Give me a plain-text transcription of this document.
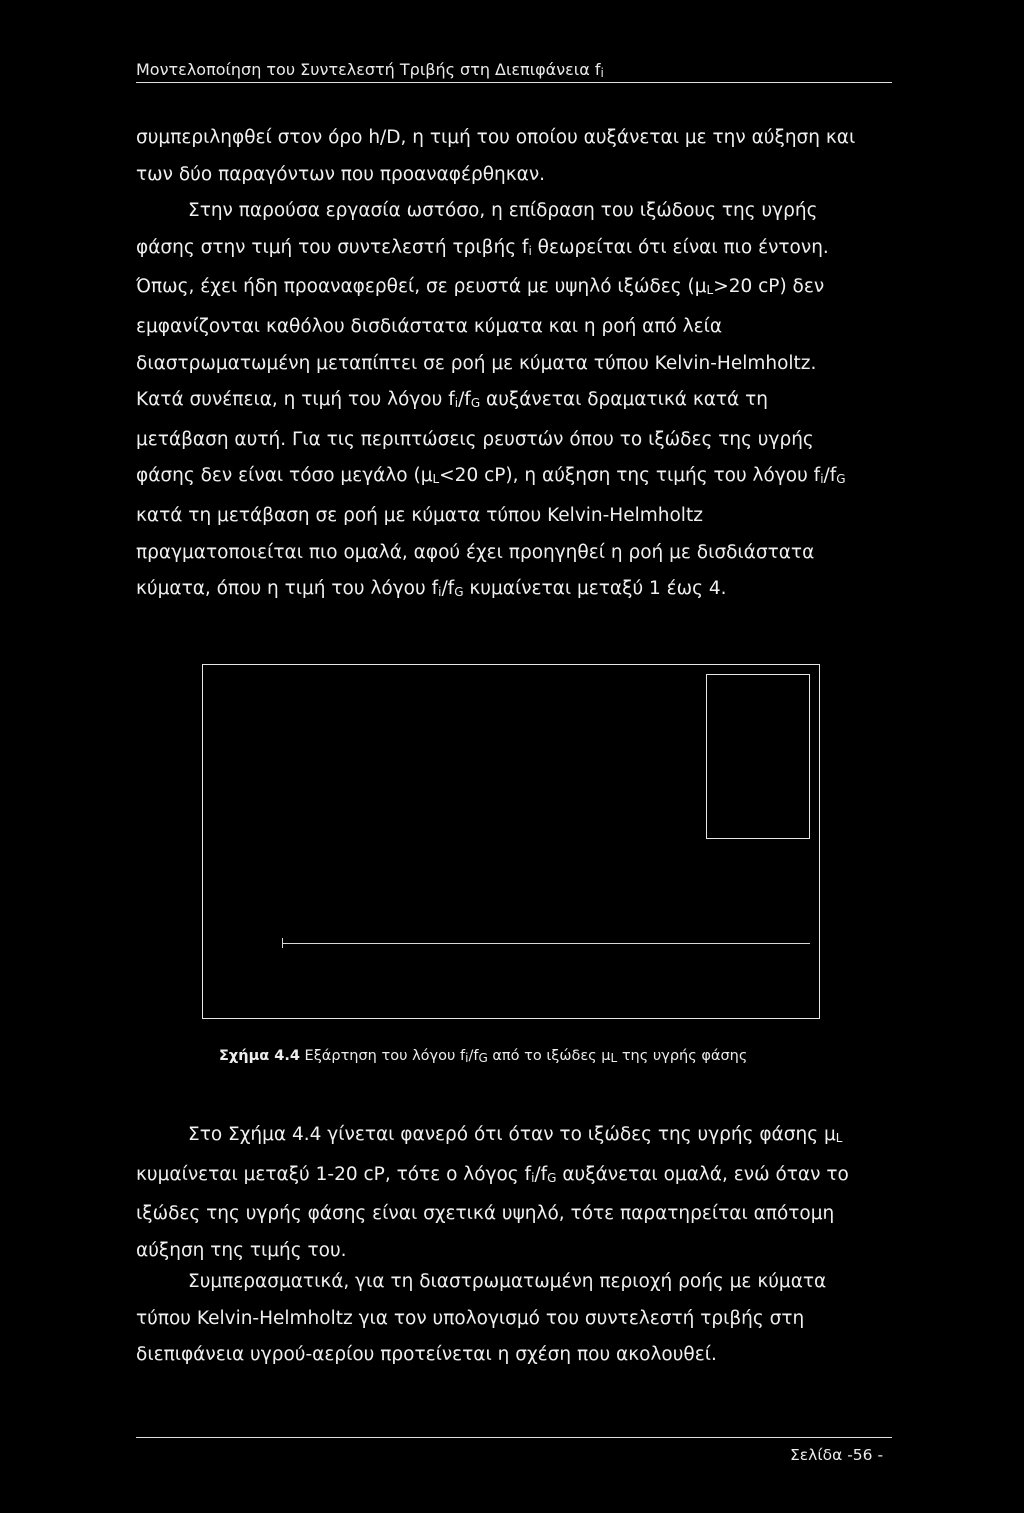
Μοντελοποίηση του Συντελεστή Τριβής στη Διεπιφάνεια fi
συμπεριληφθεί στον όρο h/D, η τιμή του οποίου αυξάνεται με την αύξηση και
των δύο παραγόντων που προαναφέρθηκαν.
Στην παρούσα εργασία ωστόσο, η επίδραση του ιξώδους της υγρής
φάσης στην τιμή του συντελεστή τριβής fi θεωρείται ότι είναι πιο έντονη.
Όπως, έχει ήδη προαναφερθεί, σε ρευστά με υψηλό ιξώδες (μL>20 cP) δεν
εμφανίζονται καθόλου δισδιάστατα κύματα και η ροή από λεία
διαστρωματωμένη μεταπίπτει σε ροή με κύματα τύπου Kelvin-Helmholtz.
Κατά συνέπεια, η τιμή του λόγου fi/fG αυξάνεται δραματικά κατά τη
μετάβαση αυτή. Για τις περιπτώσεις ρευστών όπου το ιξώδες της υγρής
φάσης δεν είναι τόσο μεγάλο (μL<20 cP), η αύξηση της τιμής του λόγου fi/fG
κατά τη μετάβαση σε ροή με κύματα τύπου Kelvin-Helmholtz
πραγματοποιείται πιο ομαλά, αφού έχει προηγηθεί η ροή με δισδιάστατα
κύματα, όπου η τιμή του λόγου fi/fG κυμαίνεται μεταξύ 1 έως 4.
Σχήμα 4.4 Εξάρτηση του λόγου fi/fG από το ιξώδες μL της υγρής φάσης
Στο Σχήμα 4.4 γίνεται φανερό ότι όταν το ιξώδες της υγρής φάσης μL
κυμαίνεται μεταξύ 1-20 cP, τότε ο λόγος fi/fG αυξάνεται ομαλά, ενώ όταν το
ιξώδες της υγρής φάσης είναι σχετικά υψηλό, τότε παρατηρείται απότομη
αύξηση της τιμής του.
Συμπερασματικά, για τη διαστρωματωμένη περιοχή ροής με κύματα
τύπου Kelvin-Helmholtz για τον υπολογισμό του συντελεστή τριβής στη
διεπιφάνεια υγρού-αερίου προτείνεται η σχέση που ακολουθεί.
Σελίδα -56 -
